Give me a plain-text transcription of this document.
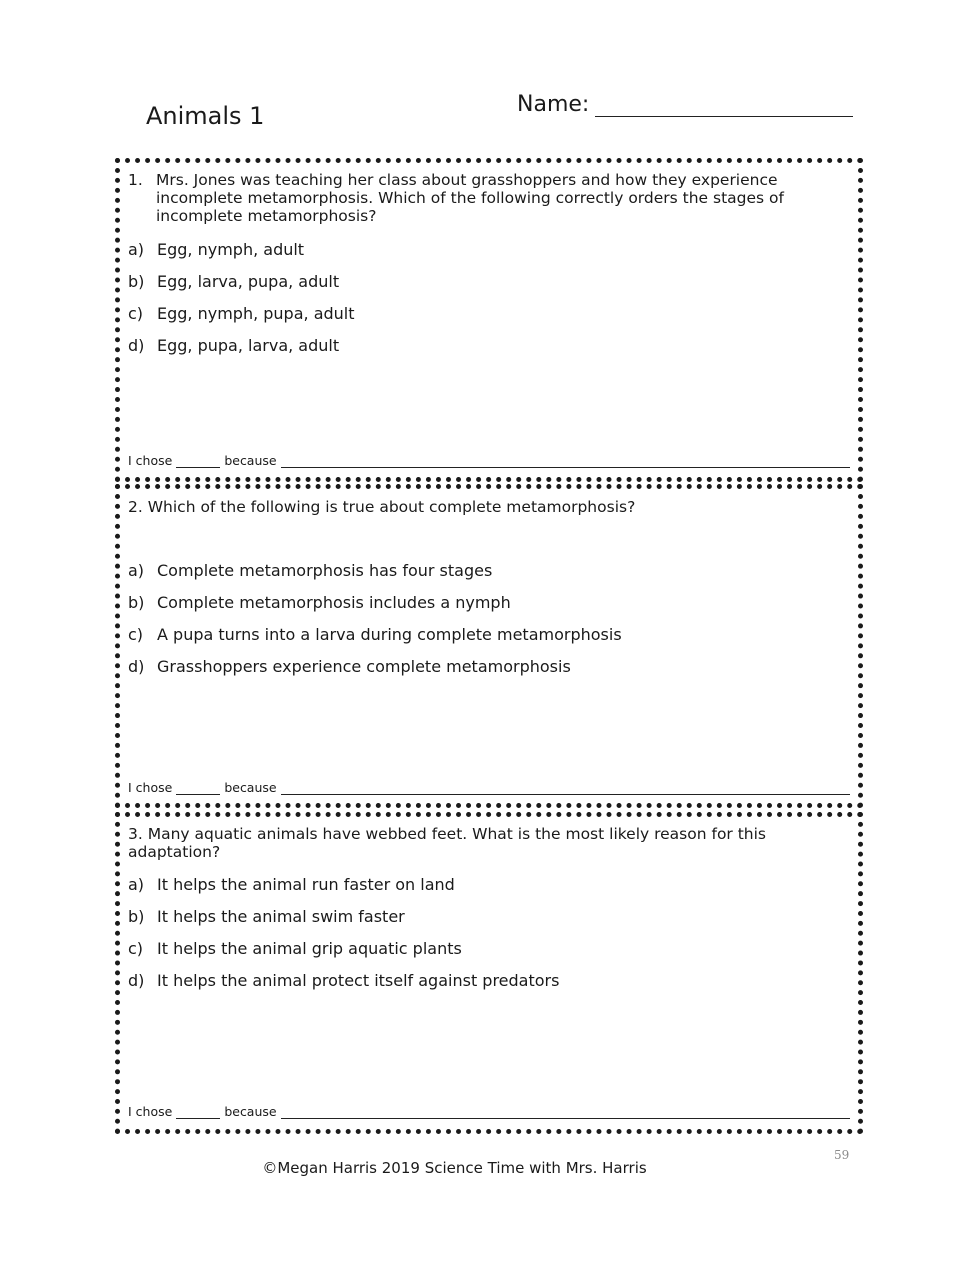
Animals 1	Name:
1. Mrs. Jones was teaching her class about grasshoppers and how they experience incomplete metamorphosis. Which of the following correctly orders the stages of incomplete metamorphosis?
a) Egg, nymph, adult
b) Egg, larva, pupa, adult
c) Egg, nymph, pupa, adult
d) Egg, pupa, larva, adult
I chose	because
2. Which of the following is true about complete metamorphosis?
a) Complete metamorphosis has four stages
b) Complete metamorphosis includes a nymph
c) A pupa turns into a larva during complete metamorphosis
d) Grasshoppers experience complete metamorphosis
I chose	because
3. Many aquatic animals have webbed feet. What is the most likely reason for this adaptation?
a) It helps the animal run faster on land
b) It helps the animal swim faster
c) It helps the animal grip aquatic plants
d) It helps the animal protect itself against predators
I chose	because
59
©Megan Harris 2019 Science Time with Mrs. Harris
